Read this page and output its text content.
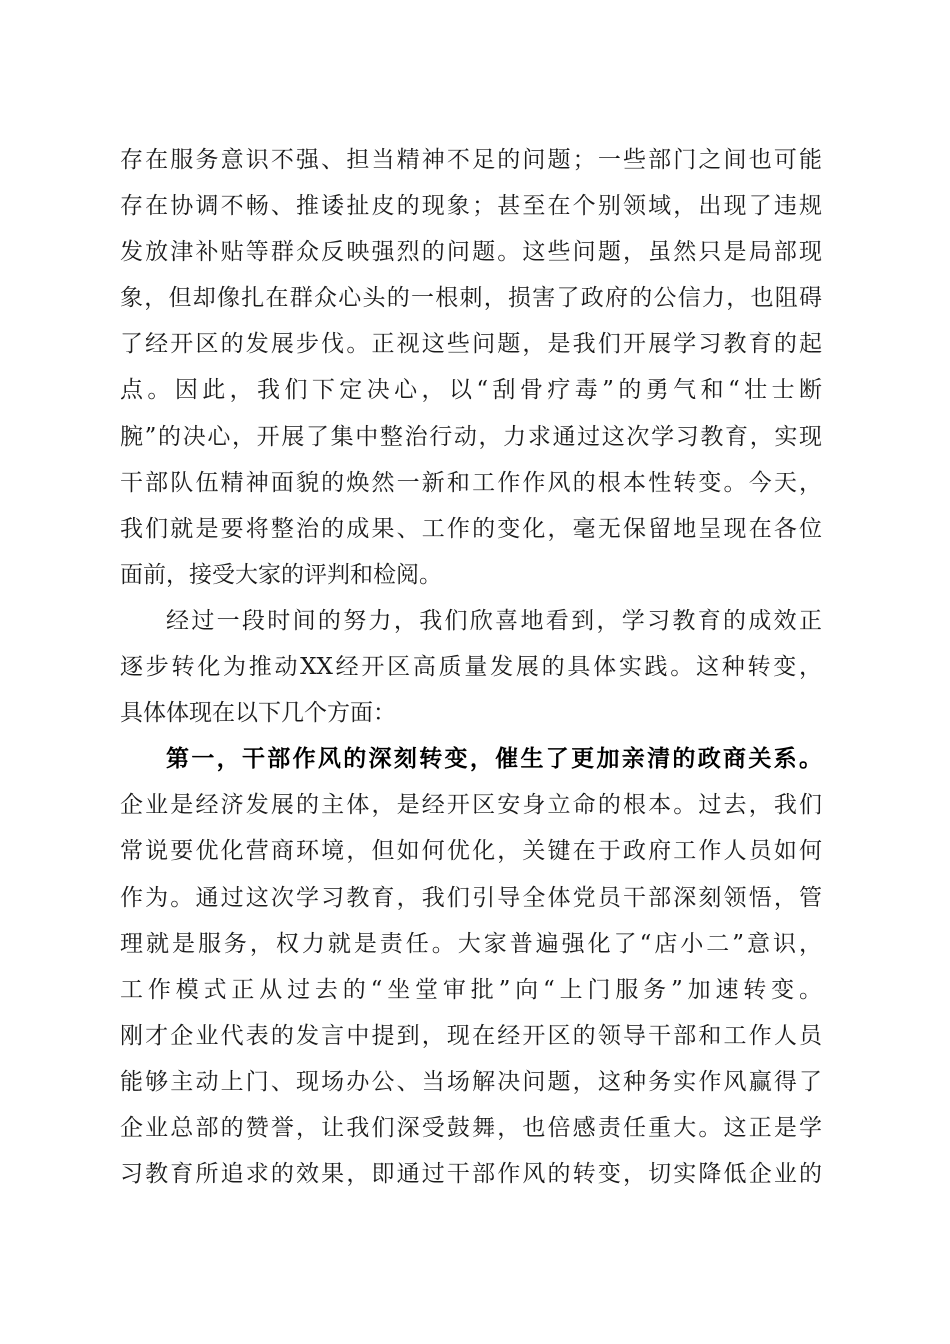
存在服务意识不强、担当精神不足的问题；一些部门之间也可能
存在协调不畅、推诿扯皮的现象；甚至在个别领域，出现了违规
发放津补贴等群众反映强烈的问题。这些问题，虽然只是局部现
象，但却像扎在群众心头的一根刺，损害了政府的公信力，也阻碍
了经开区的发展步伐。正视这些问题，是我们开展学习教育的起
点。因此，我们下定决心，以“刮骨疗毒”的勇气和“壮士断
腕”的决心，开展了集中整治行动，力求通过这次学习教育，实现
干部队伍精神面貌的焕然一新和工作作风的根本性转变。今天，
我们就是要将整治的成果、工作的变化，毫无保留地呈现在各位
面前，接受大家的评判和检阅。
经过一段时间的努力，我们欣喜地看到，学习教育的成效正
逐步转化为推动XX经开区高质量发展的具体实践。这种转变，
具体体现在以下几个方面：
第一，干部作风的深刻转变，催生了更加亲清的政商关系。
企业是经济发展的主体，是经开区安身立命的根本。过去，我们
常说要优化营商环境，但如何优化，关键在于政府工作人员如何
作为。通过这次学习教育，我们引导全体党员干部深刻领悟，管
理就是服务，权力就是责任。大家普遍强化了“店小二”意识，
工作模式正从过去的“坐堂审批”向“上门服务”加速转变。
刚才企业代表的发言中提到，现在经开区的领导干部和工作人员
能够主动上门、现场办公、当场解决问题，这种务实作风赢得了
企业总部的赞誉，让我们深受鼓舞，也倍感责任重大。这正是学
习教育所追求的效果，即通过干部作风的转变，切实降低企业的
